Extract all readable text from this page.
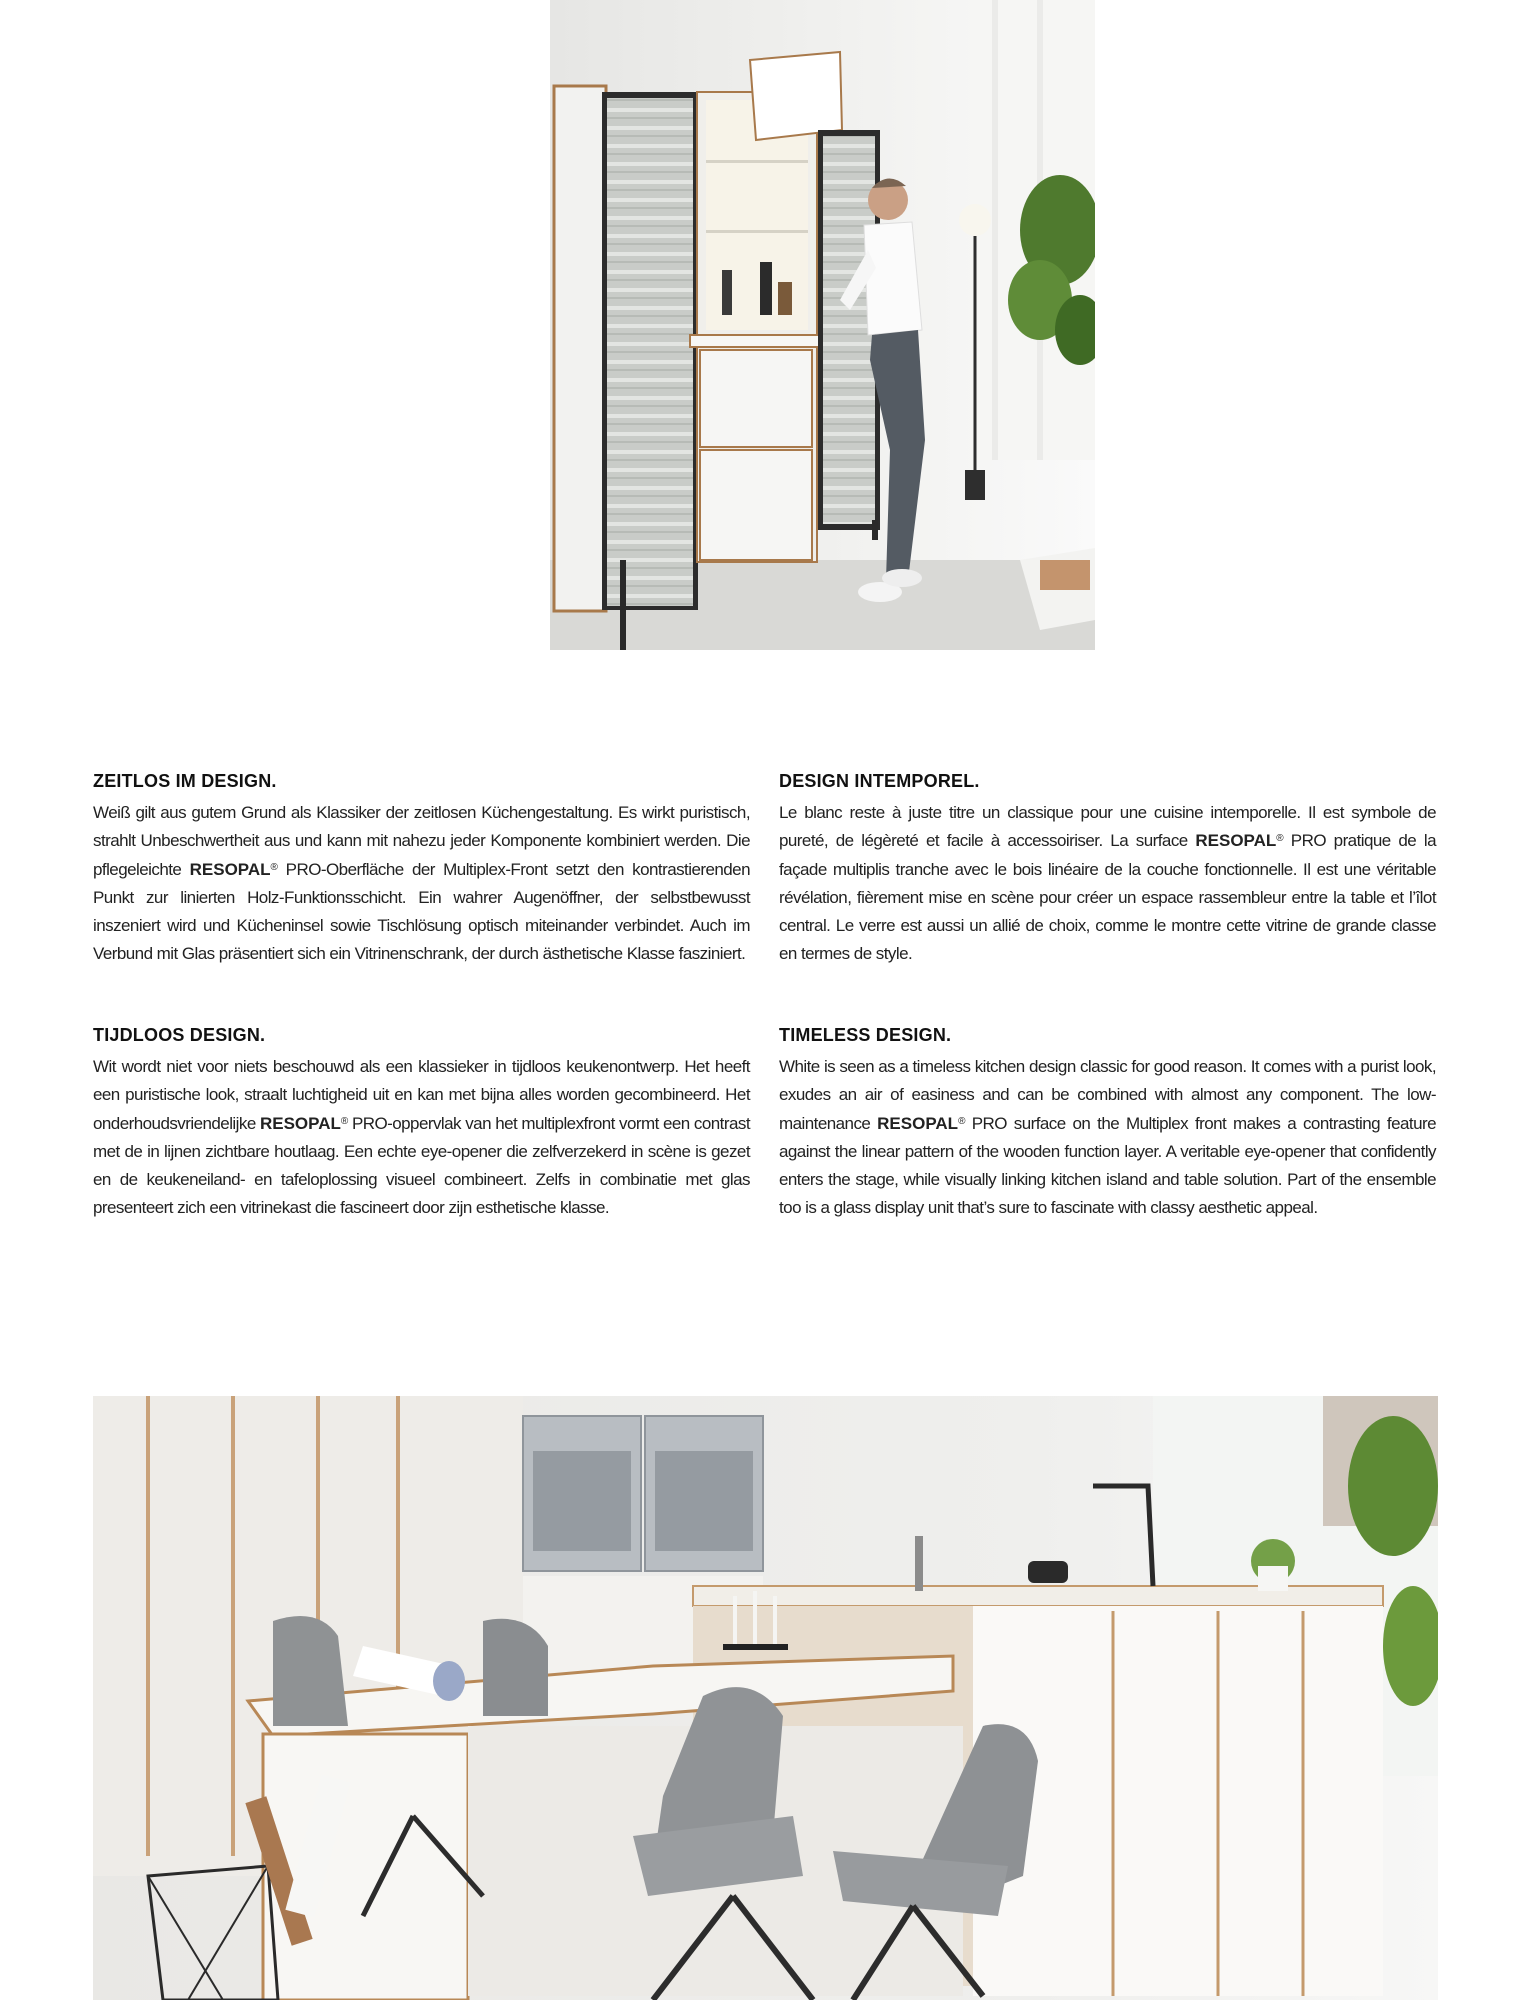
ZEITLOS IM DESIGN.

Weiß gilt aus gutem Grund als Klassiker der zeitlosen Küchengestaltung. Es wirkt puristisch, strahlt Unbeschwertheit aus und kann mit nahezu jeder Komponente kombiniert werden. Die pflegeleichte RESOPAL® PRO-Oberfläche der Multiplex-Front setzt den kontrastierenden Punkt zur linierten Holz-Funktionsschicht. Ein wahrer Augenöffner, der selbstbewusst inszeniert wird und Kücheninsel sowie Tischlösung optisch miteinander verbindet. Auch im Verbund mit Glas präsentiert sich ein Vitrinenschrank, der durch ästhetische Klasse fasziniert.

DESIGN INTEMPOREL.

Le blanc reste à juste titre un classique pour une cuisine intemporelle. Il est symbole de pureté, de légèreté et facile à accessoiriser. La surface RESOPAL® PRO pratique de la façade multiplis tranche avec le bois linéaire de la couche fonctionnelle. Il est une véritable révélation, fièrement mise en scène pour créer un espace rassembleur entre la table et l’îlot central. Le verre est aussi un allié de choix, comme le montre cette vitrine de grande classe en termes de style.

TIJDLOOS DESIGN.

Wit wordt niet voor niets beschouwd als een klassieker in tijdloos keukenontwerp. Het heeft een puristische look, straalt luchtigheid uit en kan met bijna alles worden gecombineerd. Het onderhoudsvriendelijke RESOPAL® PRO-oppervlak van het multiplexfront vormt een contrast met de in lijnen zichtbare houtlaag. Een echte eye-opener die zelfverzekerd in scène is gezet en de keukeneiland- en tafeloplossing visueel combineert. Zelfs in combinatie met glas presenteert zich een vitrinekast die fascineert door zijn esthetische klasse.

TIMELESS DESIGN.

White is seen as a timeless kitchen design classic for good reason. It comes with a purist look, exudes an air of easiness and can be combined with almost any component. The low-maintenance RESOPAL® PRO surface on the Multiplex front makes a contrasting feature against the linear pattern of the wooden function layer. A veritable eye-opener that confidently enters the stage, while visually linking kitchen island and table solution. Part of the ensemble too is a glass display unit that’s sure to fascinate with classy aesthetic appeal.
